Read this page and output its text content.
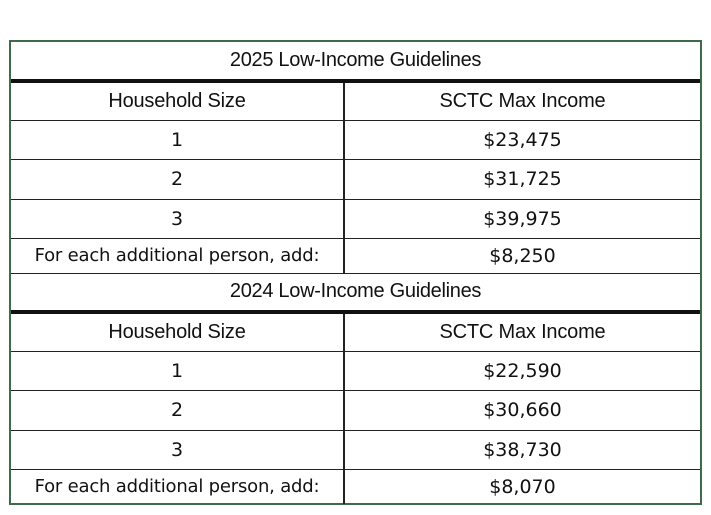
2025 Low-Income Guidelines	
Household Size	SCTC Max Income
1	$23,475
2	$31,725
3	$39,975
For each additional person, add:	$8,250
2024 Low-Income Guidelines	
Household Size	SCTC Max Income
1	$22,590
2	$30,660
3	$38,730
For each additional person, add:	$8,070
